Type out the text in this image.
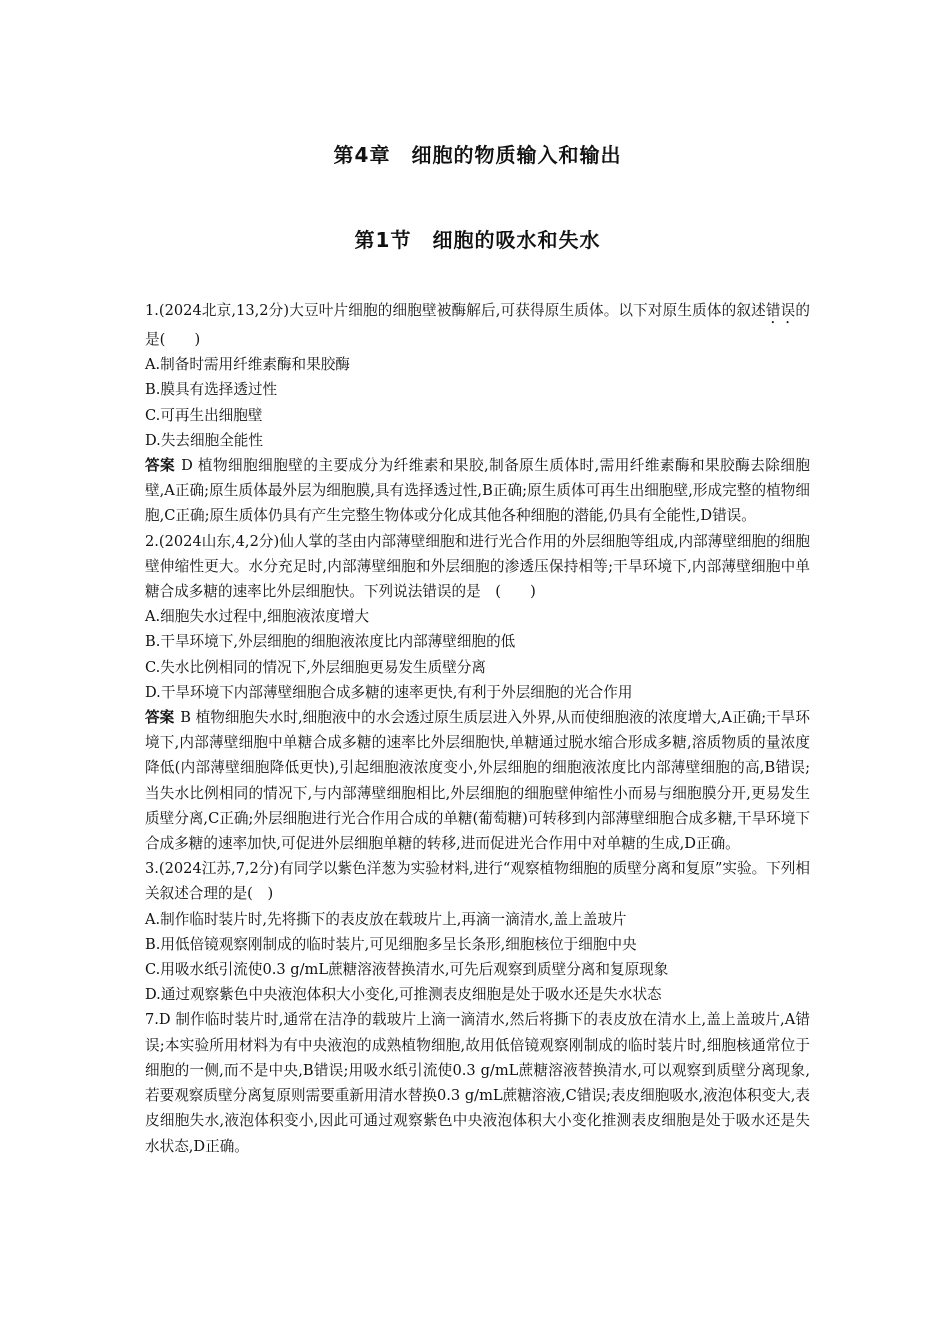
第4章　细胞的物质输入和输出
第1节　细胞的吸水和失水

1.(2024北京,13,2分)大豆叶片细胞的细胞壁被酶解后,可获得原生质体。以下对原生质体的叙述错误的是(　　)

A.制备时需用纤维素酶和果胶酶

B.膜具有选择透过性

C.可再生出细胞壁

D.失去细胞全能性

答案 D 植物细胞细胞壁的主要成分为纤维素和果胶,制备原生质体时,需用纤维素酶和果胶酶去除细胞壁,A正确;原生质体最外层为细胞膜,具有选择透过性,B正确;原生质体可再生出细胞壁,形成完整的植物细胞,C正确;原生质体仍具有产生完整生物体或分化成其他各种细胞的潜能,仍具有全能性,D错误。

2.(2024山东,4,2分)仙人掌的茎由内部薄壁细胞和进行光合作用的外层细胞等组成,内部薄壁细胞的细胞壁伸缩性更大。水分充足时,内部薄壁细胞和外层细胞的渗透压保持相等;干旱环境下,内部薄壁细胞中单糖合成多糖的速率比外层细胞快。下列说法错误的是　(　　)

A.细胞失水过程中,细胞液浓度增大

B.干旱环境下,外层细胞的细胞液浓度比内部薄壁细胞的低

C.失水比例相同的情况下,外层细胞更易发生质壁分离

D.干旱环境下内部薄壁细胞合成多糖的速率更快,有利于外层细胞的光合作用

答案 B 植物细胞失水时,细胞液中的水会透过原生质层进入外界,从而使细胞液的浓度增大,A正确;干旱环境下,内部薄壁细胞中单糖合成多糖的速率比外层细胞快,单糖通过脱水缩合形成多糖,溶质物质的量浓度降低(内部薄壁细胞降低更快),引起细胞液浓度变小,外层细胞的细胞液浓度比内部薄壁细胞的高,B错误;当失水比例相同的情况下,与内部薄壁细胞相比,外层细胞的细胞壁伸缩性小而易与细胞膜分开,更易发生质壁分离,C正确;外层细胞进行光合作用合成的单糖(葡萄糖)可转移到内部薄壁细胞合成多糖,干旱环境下合成多糖的速率加快,可促进外层细胞单糖的转移,进而促进光合作用中对单糖的生成,D正确。

3.(2024江苏,7,2分)有同学以紫色洋葱为实验材料,进行“观察植物细胞的质壁分离和复原”实验。下列相关叙述合理的是(　)

A.制作临时装片时,先将撕下的表皮放在载玻片上,再滴一滴清水,盖上盖玻片

B.用低倍镜观察刚制成的临时装片,可见细胞多呈长条形,细胞核位于细胞中央

C.用吸水纸引流使0.3 g/mL蔗糖溶液替换清水,可先后观察到质壁分离和复原现象

D.通过观察紫色中央液泡体积大小变化,可推测表皮细胞是处于吸水还是失水状态

7.D 制作临时装片时,通常在洁净的载玻片上滴一滴清水,然后将撕下的表皮放在清水上,盖上盖玻片,A错误;本实验所用材料为有中央液泡的成熟植物细胞,故用低倍镜观察刚制成的临时装片时,细胞核通常位于细胞的一侧,而不是中央,B错误;用吸水纸引流使0.3 g/mL蔗糖溶液替换清水,可以观察到质壁分离现象,若要观察质壁分离复原则需要重新用清水替换0.3 g/mL蔗糖溶液,C错误;表皮细胞吸水,液泡体积变大,表皮细胞失水,液泡体积变小,因此可通过观察紫色中央液泡体积大小变化推测表皮细胞是处于吸水还是失水状态,D正确。
